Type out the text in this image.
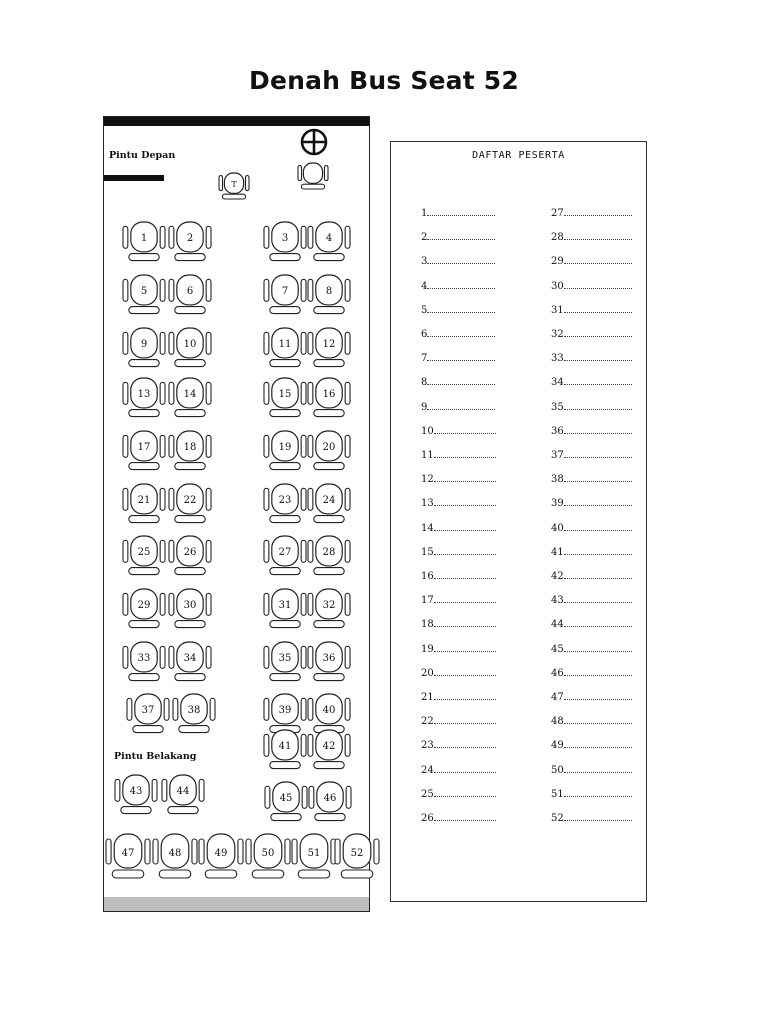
Denah Bus Seat 52
Pintu Depan
Pintu Belakang
T
1	2	3	4
5	6	7	8
9	10	11	12
13	14	15	16
17	18	19	20
21	22	23	24
25	26	27	28
29	30	31	32
33	34	35	36
37	38	39	40
41	42
43	44
45	46
47	48	49	50	51	52
DAFTAR PESERTA
1
2
3
4
5
6
7
8
9
10
11
12
13
14
15
16
17
18
19
20
21
22
23
24
25
26
27
28
29
30
31
32
33
34
35
36
37
38
39
40
41
42
43
44
45
46
47
48
49
50
51
52
